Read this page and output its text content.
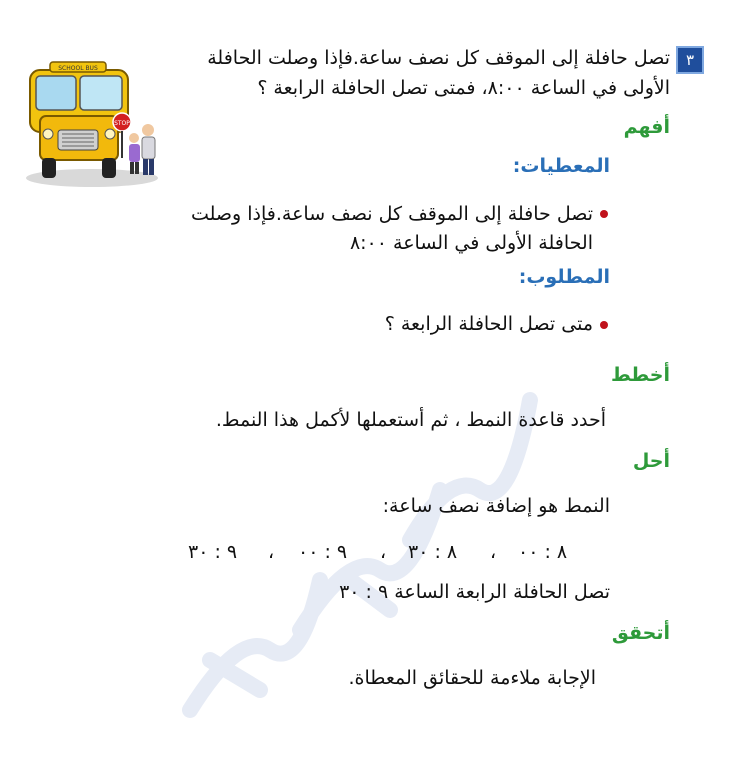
٣
تصل حافلة إلى الموقف كل نصف ساعة.فإذا وصلت الحافلة
الأولى في الساعة ٨:٠٠، فمتى تصل الحافلة الرابعة ؟
SCHOOL BUS
STOP	أفهم
المعطيات:
تصل حافلة إلى الموقف كل نصف ساعة.فإذا وصلت
الحافلة الأولى في الساعة ٨:٠٠
المطلوب:
متى تصل الحافلة الرابعة ؟
أخطط
أحدد قاعدة النمط ، ثم أستعملها لأكمل هذا النمط.
أحل
النمط هو إضافة نصف ساعة:
٨ : ٠٠
،
٨ : ٣٠
،
٩ : ٠٠
،
٩ : ٣٠
تصل الحافلة الرابعة الساعة ٩ : ٣٠
أتحقق
الإجابة ملاءمة للحقائق المعطاة.
